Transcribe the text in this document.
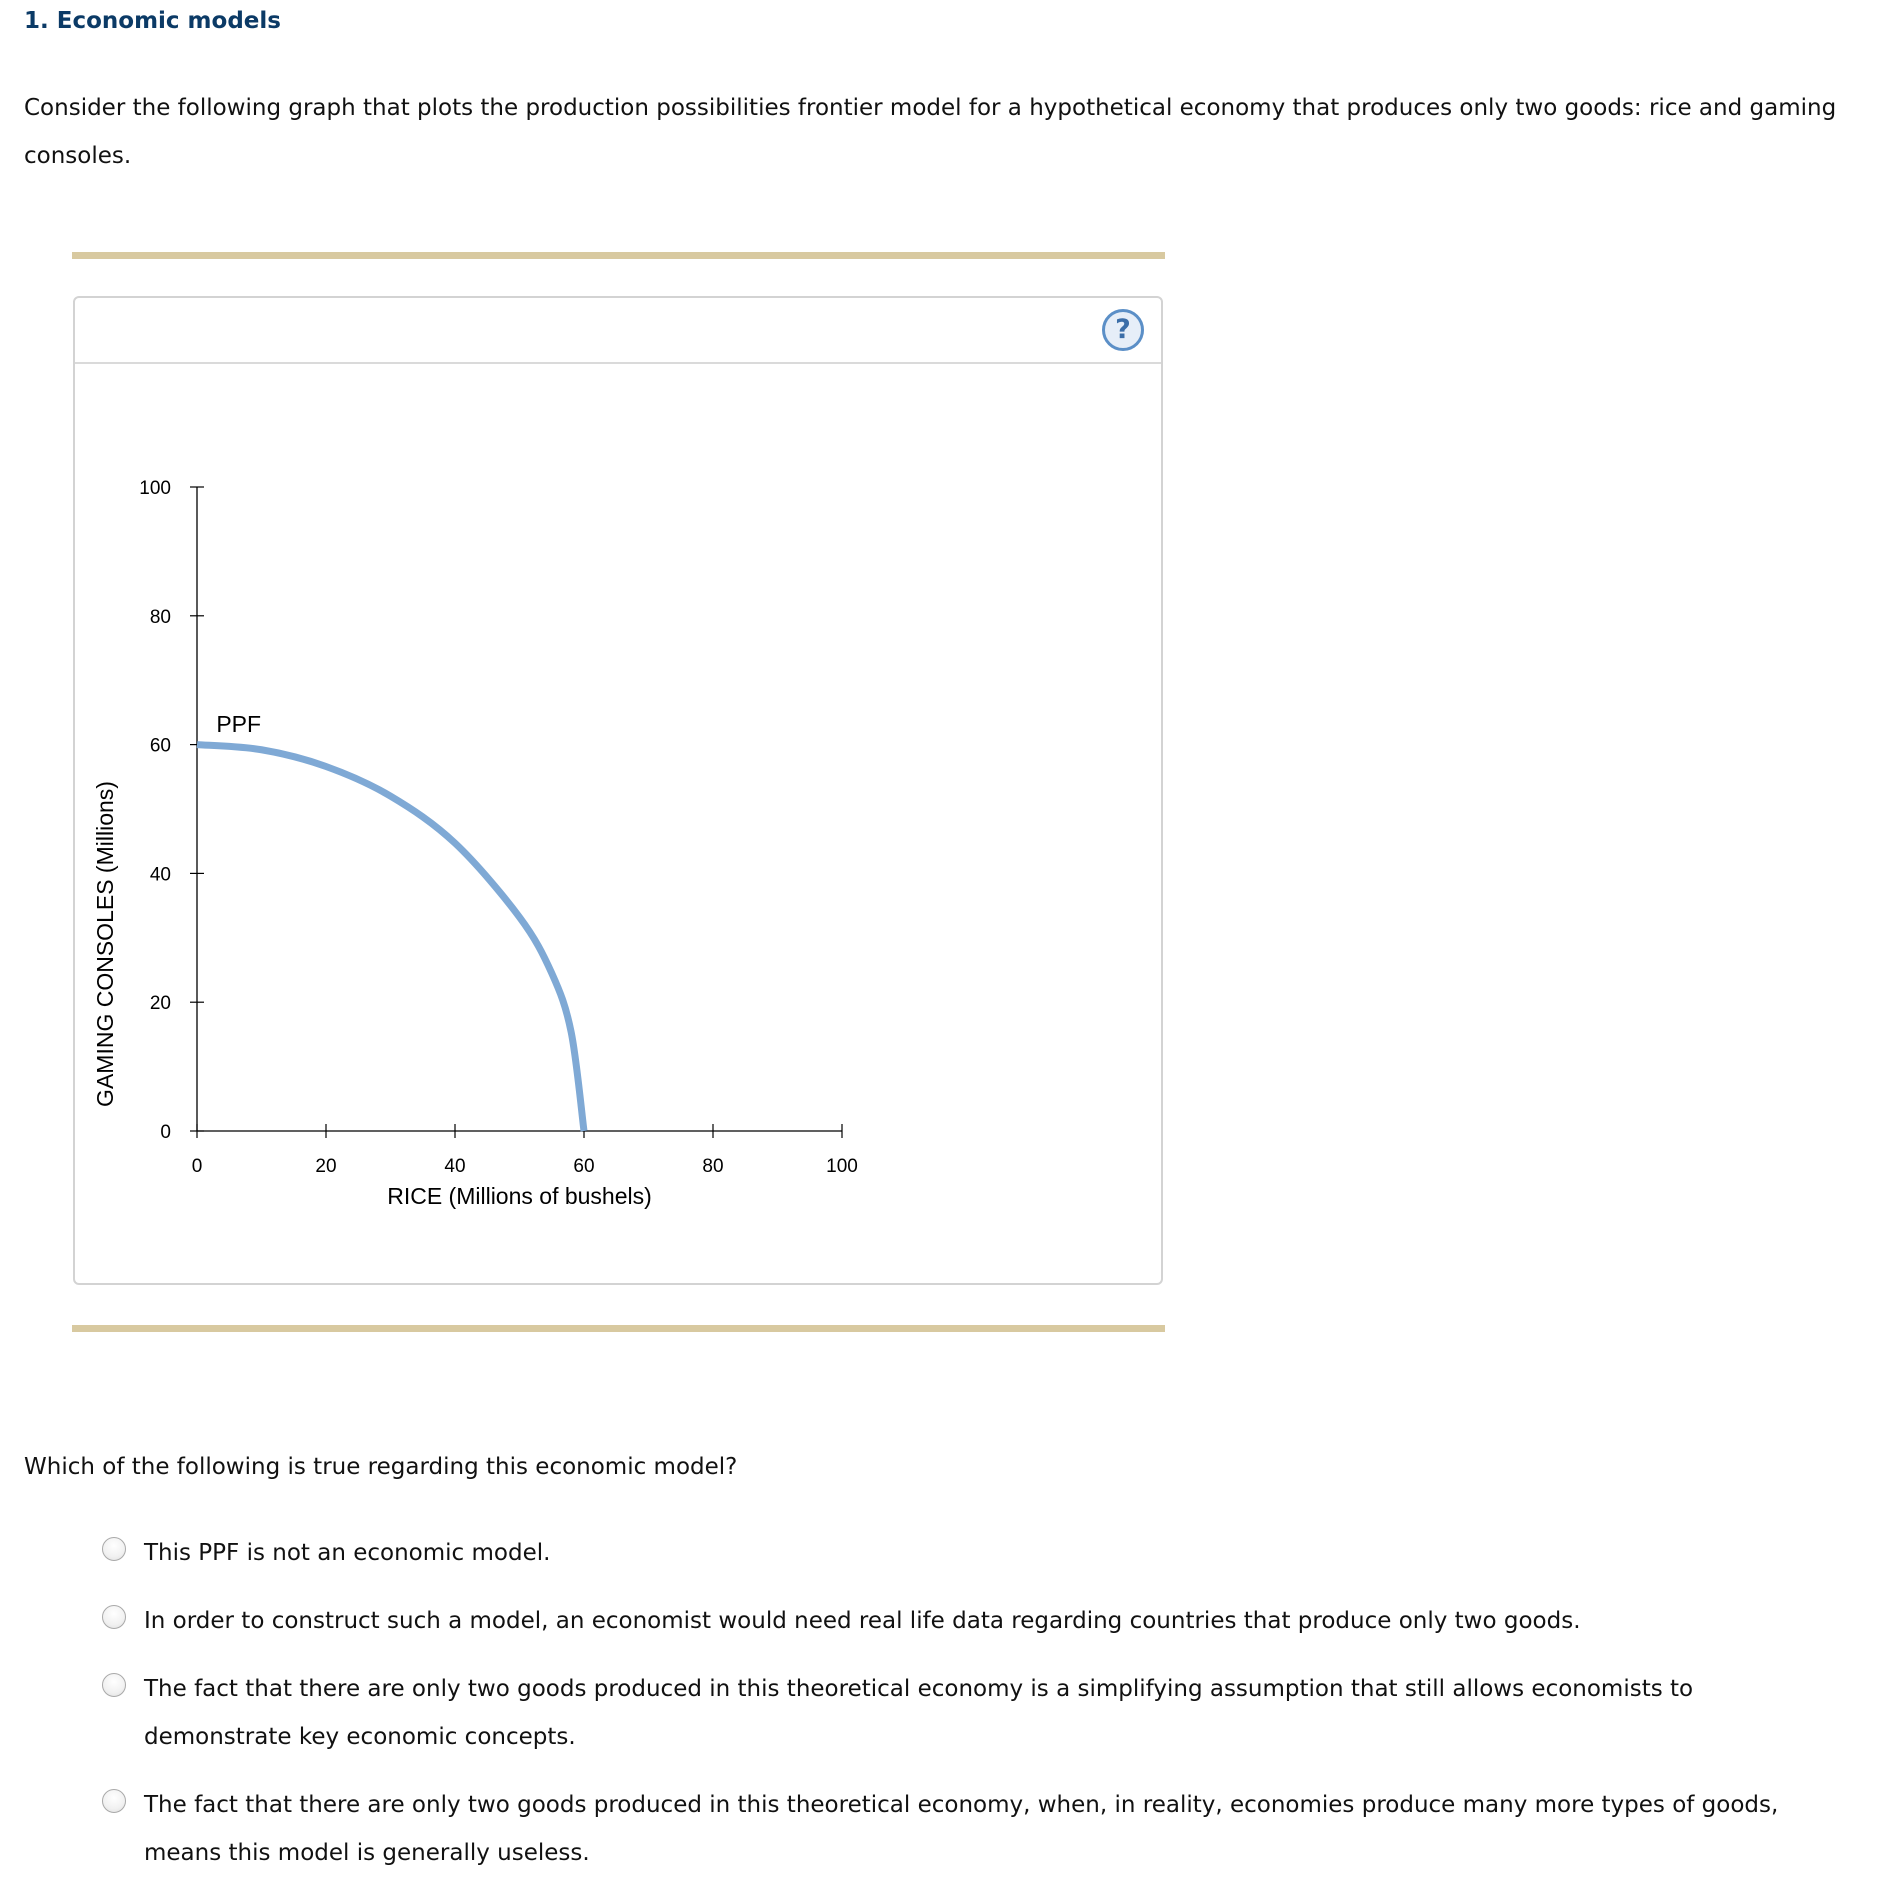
1. Economic models

Consider the following graph that plots the production possibilities frontier model for a hypothetical economy that produces only two goods: rice and gaming consoles.

?
0
20
40
60
80
100
0	20	40	60	80	100
RICE (Millions of bushels)
GAMING CONSOLES (Millions)
PPF

Which of the following is true regarding this economic model?

This PPF is not an economic model.
In order to construct such a model, an economist would need real life data regarding countries that produce only two goods.
The fact that there are only two goods produced in this theoretical economy is a simplifying assumption that still allows economists to demonstrate key economic concepts.
The fact that there are only two goods produced in this theoretical economy, when, in reality, economies produce many more types of goods, means this model is generally useless.
